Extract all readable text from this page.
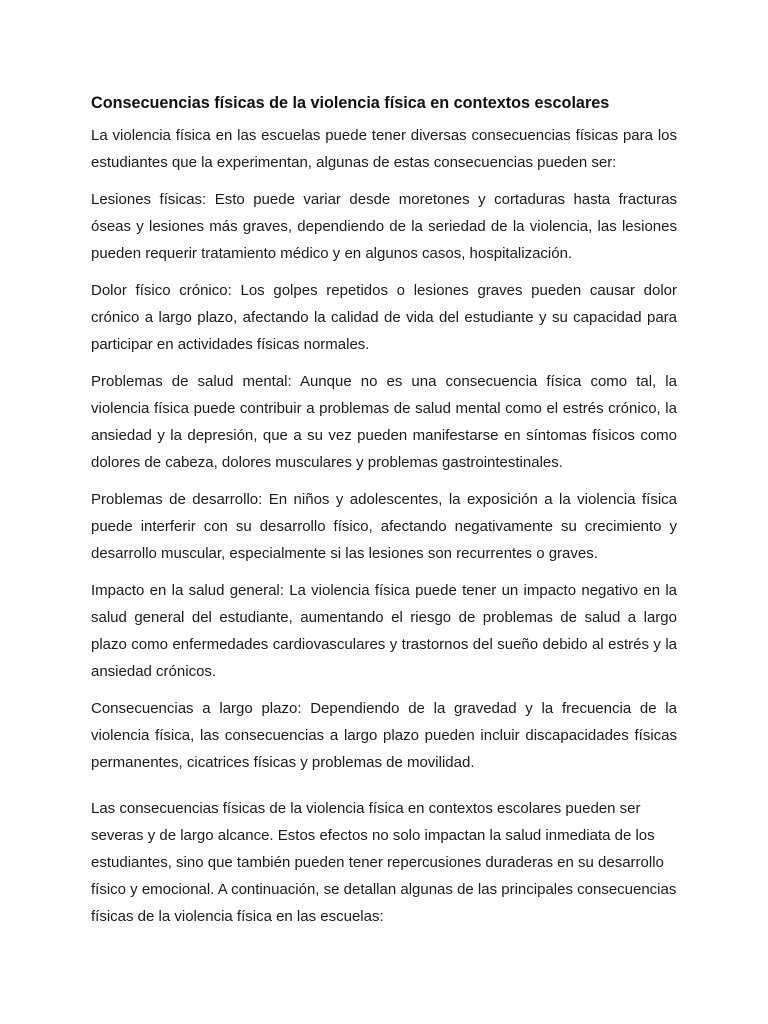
Consecuencias físicas de la violencia física en contextos escolares

La violencia física en las escuelas puede tener diversas consecuencias físicas para los estudiantes que la experimentan, algunas de estas consecuencias pueden ser:

Lesiones físicas: Esto puede variar desde moretones y cortaduras hasta fracturas óseas y lesiones más graves, dependiendo de la seriedad de la violencia, las lesiones pueden requerir tratamiento médico y en algunos casos, hospitalización.

Dolor físico crónico: Los golpes repetidos o lesiones graves pueden causar dolor crónico a largo plazo, afectando la calidad de vida del estudiante y su capacidad para participar en actividades físicas normales.

Problemas de salud mental: Aunque no es una consecuencia física como tal, la violencia física puede contribuir a problemas de salud mental como el estrés crónico, la ansiedad y la depresión, que a su vez pueden manifestarse en síntomas físicos como dolores de cabeza, dolores musculares y problemas gastrointestinales.

Problemas de desarrollo: En niños y adolescentes, la exposición a la violencia física puede interferir con su desarrollo físico, afectando negativamente su crecimiento y desarrollo muscular, especialmente si las lesiones son recurrentes o graves.

Impacto en la salud general: La violencia física puede tener un impacto negativo en la salud general del estudiante, aumentando el riesgo de problemas de salud a largo plazo como enfermedades cardiovasculares y trastornos del sueño debido al estrés y la ansiedad crónicos.

Consecuencias a largo plazo: Dependiendo de la gravedad y la frecuencia de la violencia física, las consecuencias a largo plazo pueden incluir discapacidades físicas permanentes, cicatrices físicas y problemas de movilidad.

Las consecuencias físicas de la violencia física en contextos escolares pueden ser severas y de largo alcance. Estos efectos no solo impactan la salud inmediata de los estudiantes, sino que también pueden tener repercusiones duraderas en su desarrollo físico y emocional. A continuación, se detallan algunas de las principales consecuencias físicas de la violencia física en las escuelas:
